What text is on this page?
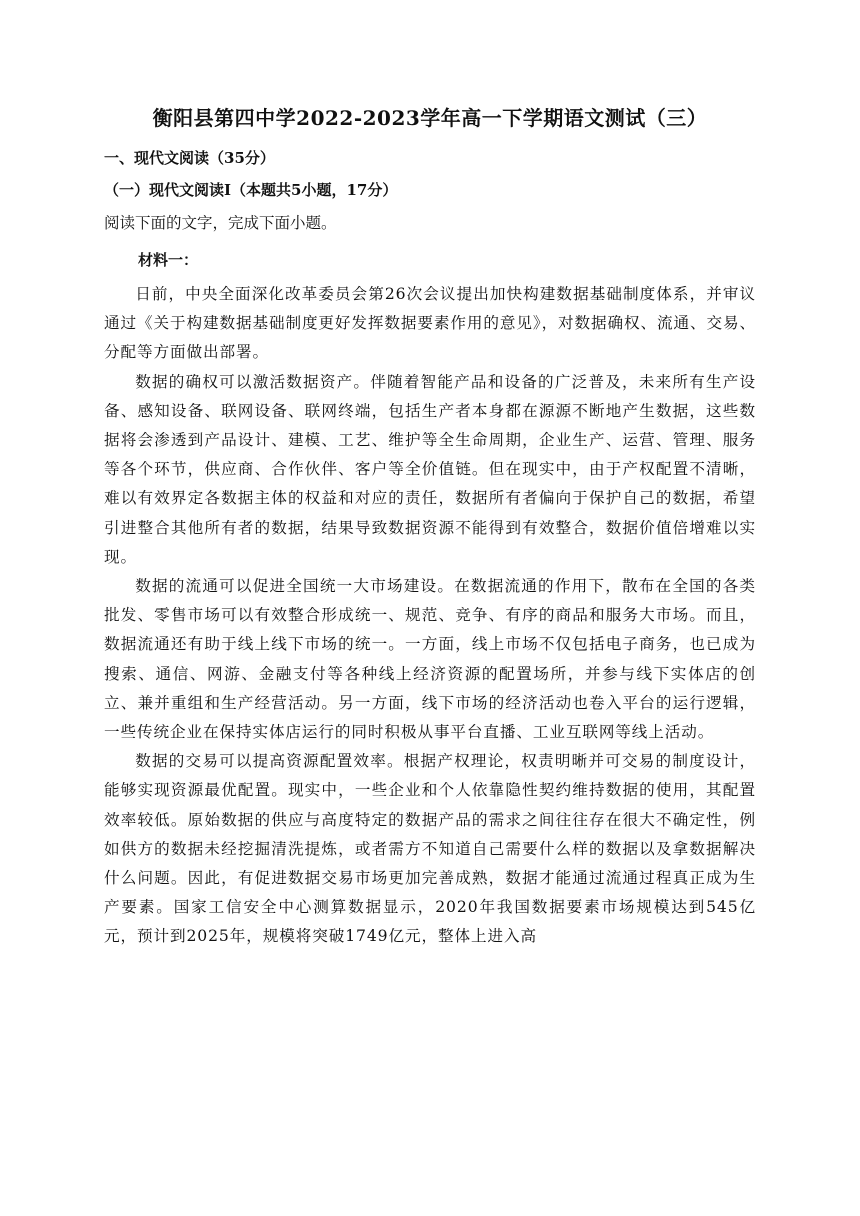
衡阳县第四中学2022-2023学年高一下学期语文测试（三）
一、现代文阅读（35分）
（一）现代文阅读I（本题共5小题，17分）
阅读下面的文字，完成下面小题。
材料一：

日前，中央全面深化改革委员会第26次会议提出加快构建数据基础制度体系，并审议通过《关于构建数据基础制度更好发挥数据要素作用的意见》，对数据确权、流通、交易、分配等方面做出部署。

数据的确权可以激活数据资产。伴随着智能产品和设备的广泛普及，未来所有生产设备、感知设备、联网设备、联网终端，包括生产者本身都在源源不断地产生数据，这些数据将会渗透到产品设计、建模、工艺、维护等全生命周期，企业生产、运营、管理、服务等各个环节，供应商、合作伙伴、客户等全价值链。但在现实中，由于产权配置不清晰，难以有效界定各数据主体的权益和对应的责任，数据所有者偏向于保护自己的数据，希望引进整合其他所有者的数据，结果导致数据资源不能得到有效整合，数据价值倍增难以实现。

数据的流通可以促进全国统一大市场建设。在数据流通的作用下，散布在全国的各类批发、零售市场可以有效整合形成统一、规范、竞争、有序的商品和服务大市场。而且，数据流通还有助于线上线下市场的统一。一方面，线上市场不仅包括电子商务，也已成为搜索、通信、网游、金融支付等各种线上经济资源的配置场所，并参与线下实体店的创立、兼并重组和生产经营活动。另一方面，线下市场的经济活动也卷入平台的运行逻辑，一些传统企业在保持实体店运行的同时积极从事平台直播、工业互联网等线上活动。

数据的交易可以提高资源配置效率。根据产权理论，权责明晰并可交易的制度设计，能够实现资源最优配置。现实中，一些企业和个人依靠隐性契约维持数据的使用，其配置效率较低。原始数据的供应与高度特定的数据产品的需求之间往往存在很大不确定性，例如供方的数据未经挖掘清洗提炼，或者需方不知道自己需要什么样的数据以及拿数据解决什么问题。因此，有促进数据交易市场更加完善成熟，数据才能通过流通过程真正成为生产要素。国家工信安全中心测算数据显示，2020年我国数据要素市场规模达到545亿元，预计到2025年，规模将突破1749亿元，整体上进入高
